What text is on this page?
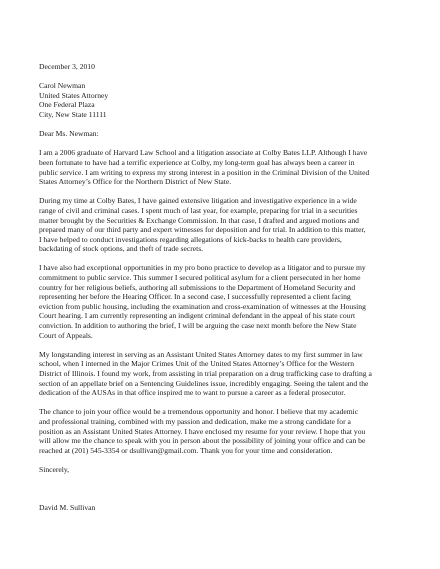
December 3, 2010
Carol Newman
United States Attorney
One Federal Plaza
City, New State 11111
Dear Ms. Newman:
I am a 2006 graduate of Harvard Law School and a litigation associate at Colby Bates LLP. Although I have
been fortunate to have had a terrific experience at Colby, my long-term goal has always been a career in
public service. I am writing to express my strong interest in a position in the Criminal Division of the United
States Attorney’s Office for the Northern District of New State.
During my time at Colby Bates, I have gained extensive litigation and investigative experience in a wide
range of civil and criminal cases. I spent much of last year, for example, preparing for trial in a securities
matter brought by the Securities & Exchange Commission. In that case, I drafted and argued motions and
prepared many of our third party and expert witnesses for deposition and for trial. In addition to this matter,
I have helped to conduct investigations regarding allegations of kick-backs to health care providers,
backdating of stock options, and theft of trade secrets.
I have also had exceptional opportunities in my pro bono practice to develop as a litigator and to pursue my
commitment to public service. This summer I secured political asylum for a client persecuted in her home
country for her religious beliefs, authoring all submissions to the Department of Homeland Security and
representing her before the Hearing Officer. In a second case, I successfully represented a client facing
eviction from public housing, including the examination and cross-examination of witnesses at the Housing
Court hearing. I am currently representing an indigent criminal defendant in the appeal of his state court
conviction. In addition to authoring the brief, I will be arguing the case next month before the New State
Court of Appeals.
My longstanding interest in serving as an Assistant United States Attorney dates to my first summer in law
school, when I interned in the Major Crimes Unit of the United States Attorney’s Office for the Western
District of Illinois. I found my work, from assisting in trial preparation on a drug trafficking case to drafting a
section of an appellate brief on a Sentencing Guidelines issue, incredibly engaging. Seeing the talent and the
dedication of the AUSAs in that office inspired me to want to pursue a career as a federal prosecutor.
The chance to join your office would be a tremendous opportunity and honor. I believe that my academic
and professional training, combined with my passion and dedication, make me a strong candidate for a
position as an Assistant United States Attorney. I have enclosed my resume for your review. I hope that you
will allow me the chance to speak with you in person about the possibility of joining your office and can be
reached at (201) 545-3354 or dsullivan@gmail.com. Thank you for your time and consideration.
Sincerely,
David M. Sullivan
